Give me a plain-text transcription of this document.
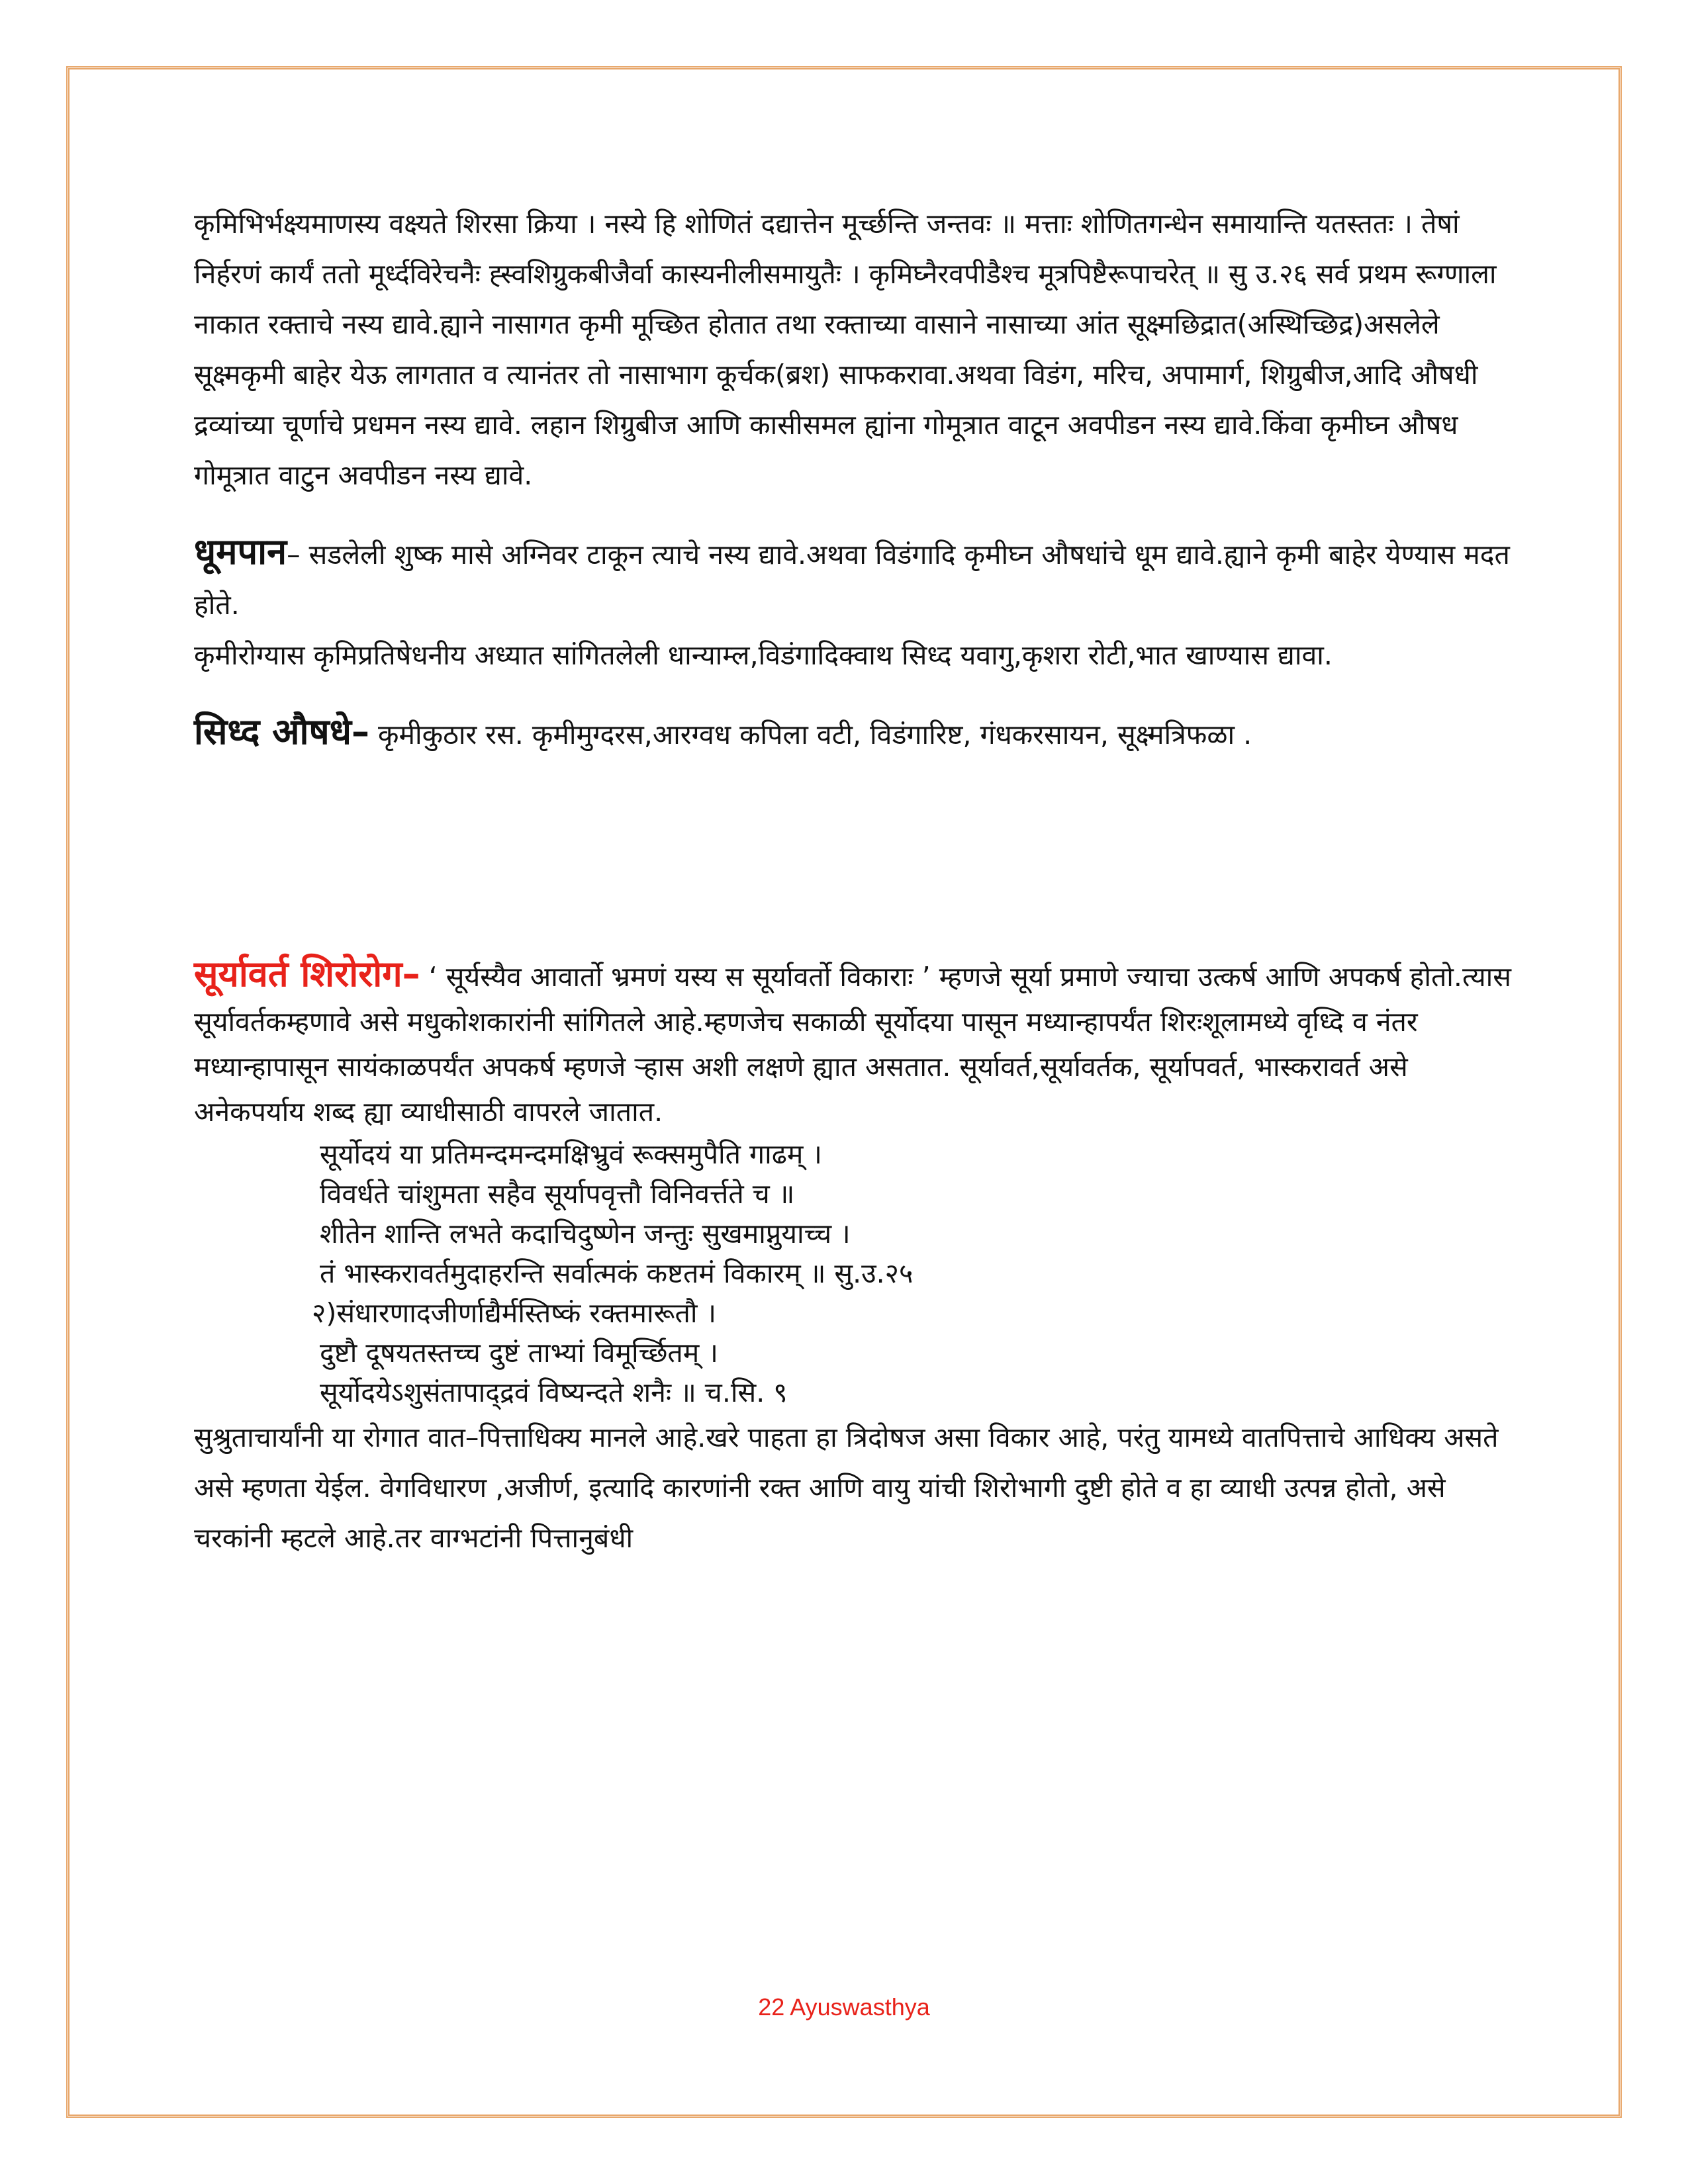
कृमिभिर्भक्ष्यमाणस्य वक्ष्यते शिरसा क्रिया । नस्ये हि शोणितं दद्यात्तेन मूर्च्छन्ति जन्तवः ॥ मत्ताः शोणितगन्धेन समायान्ति यतस्ततः । तेषां निर्हरणं कार्यं ततो मूर्ध्दविरेचनैः ह्स्वशिग्रुकबीजैर्वा कास्यनीलीसमायुतैः । कृमिघ्नैरवपीडैश्च मूत्रपिष्टैरूपाचरेत् ॥ सु उ.२६ सर्व प्रथम रूग्णाला नाकात रक्ताचे नस्य द्यावे.ह्याने नासागत कृमी मूच्छित होतात तथा रक्ताच्या वासाने नासाच्या आंत सूक्ष्मछिद्रात(अस्थिच्छिद्र)असलेले सूक्ष्मकृमी बाहेर येऊ लागतात व त्यानंतर तो नासाभाग कूर्चक(ब्रश) साफकरावा.अथवा विडंग, मरिच, अपामार्ग, शिग्रुबीज,आदि औषधी द्रव्यांच्या चूर्णाचे प्रधमन नस्य द्यावे. लहान शिग्रुबीज आणि कासीसमल ह्यांना गोमूत्रात वाटून अवपीडन नस्य द्यावे.किंवा कृमीघ्न औषध गोमूत्रात वाटुन अवपीडन नस्य द्यावे.

धूमपान– सडलेली शुष्क मासे अग्निवर टाकून त्याचे नस्य द्यावे.अथवा विडंगादि कृमीघ्न औषधांचे धूम द्यावे.ह्याने कृमी बाहेर येण्यास मदत होते.

कृमीरोग्यास कृमिप्रतिषेधनीय अध्यात सांगितलेली धान्याम्ल,विडंगादिक्वाथ सिध्द यवागु,कृशरा रोटी,भात खाण्यास द्यावा.

सिध्द औषधे– कृमीकुठार रस. कृमीमुग्दरस,आरग्वध कपिला वटी, विडंगारिष्ट, गंधकरसायन, सूक्ष्मत्रिफळा .

सूर्यावर्त शिरोरोग– ‘ सूर्यस्यैव आवार्तो भ्रमणं यस्य स सूर्यावर्तो विकाराः ’ म्हणजे सूर्या प्रमाणे ज्याचा उत्कर्ष आणि अपकर्ष होतो.त्यास सूर्यावर्तकम्हणावे असे मधुकोशकारांनी सांगितले आहे.म्हणजेच सकाळी सूर्योदया पासून मध्यान्हापर्यंत शिरःशूलामध्ये वृध्दि व नंतर मध्यान्हापासून सायंकाळपर्यंत अपकर्ष म्हणजे ऱ्हास अशी लक्षणे ह्यात असतात. सूर्यावर्त,सूर्यावर्तक, सूर्यापवर्त, भास्करावर्त असे अनेकपर्याय शब्द ह्या व्याधीसाठी वापरले जातात.

सूर्योदयं या प्रतिमन्दमन्दमक्षिभ्रुवं रूक्समुपैति गाढम् ।
विवर्धते चांशुमता सहैव सूर्यापवृत्तौ विनिवर्त्तते च ॥
शीतेन शान्ति लभते कदाचिदुष्णेन जन्तुः सुखमाप्नुयाच्च ।
तं भास्करावर्तमुदाहरन्ति सर्वात्मकं कष्टतमं विकारम् ॥ सु.उ.२५
२)संधारणादजीर्णाद्यैर्मस्तिष्कं रक्तमारूतौ ।
दुष्टौ दूषयतस्तच्च दुष्टं ताभ्यां विमूर्च्छितम् ।
सूर्योदयेऽशुसंतापाद्द्रवं विष्यन्दते शनैः ॥ च.सि. ९

सुश्रुताचार्यांनी या रोगात वात–पित्ताधिक्य मानले आहे.खरे पाहता हा त्रिदोषज असा विकार आहे, परंतु यामध्ये वातपित्ताचे आधिक्य असते असे म्हणता येईल. वेगविधारण ,अजीर्ण, इत्यादि कारणांनी रक्त आणि वायु यांची शिरोभागी दुष्टी होते व हा व्याधी उत्पन्न होतो, असे चरकांनी म्हटले आहे.तर वाग्भटांनी पित्तानुबंधी

22 Ayuswasthya
